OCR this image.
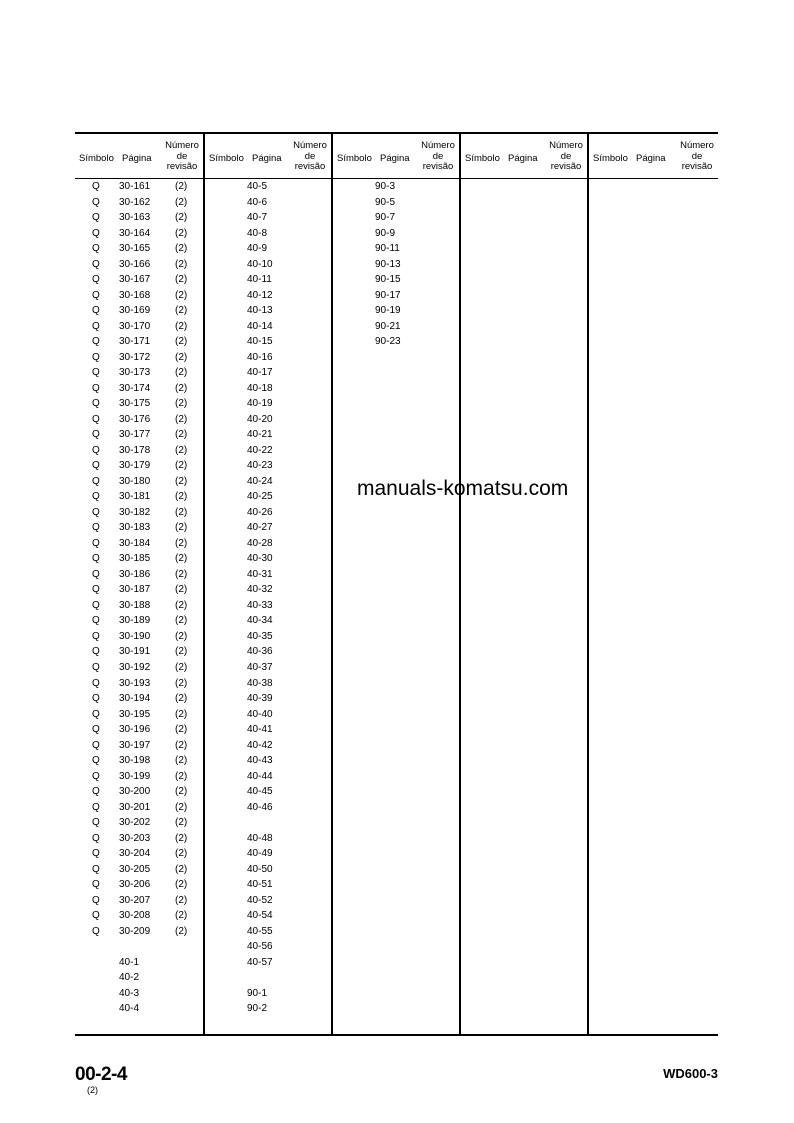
Símbolo Página
Número
de
revisão
Q 30-161 (2)
Q 30-162 (2)
Q 30-163 (2)
Q 30-164 (2)
Q 30-165 (2)
Q 30-166 (2)
Q 30-167 (2)
Q 30-168 (2)
Q 30-169 (2)
Q 30-170 (2)
Q 30-171 (2)
Q 30-172 (2)
Q 30-173 (2)
Q 30-174 (2)
Q 30-175 (2)
Q 30-176 (2)
Q 30-177 (2)
Q 30-178 (2)
Q 30-179 (2)
Q 30-180 (2)
Q 30-181 (2)
Q 30-182 (2)
Q 30-183 (2)
Q 30-184 (2)
Q 30-185 (2)
Q 30-186 (2)
Q 30-187 (2)
Q 30-188 (2)
Q 30-189 (2)
Q 30-190 (2)
Q 30-191 (2)
Q 30-192 (2)
Q 30-193 (2)
Q 30-194 (2)
Q 30-195 (2)
Q 30-196 (2)
Q 30-197 (2)
Q 30-198 (2)
Q 30-199 (2)
Q 30-200 (2)
Q 30-201 (2)
Q 30-202 (2)
Q 30-203 (2)
Q 30-204 (2)
Q 30-205 (2)
Q 30-206 (2)
Q 30-207 (2)
Q 30-208 (2)
Q 30-209 (2)
40-1
40-2
40-3
40-4
Símbolo Página
Número
de
revisão
40-5
40-6
40-7
40-8
40-9
40-10
40-11
40-12
40-13
40-14
40-15
40-16
40-17
40-18
40-19
40-20
40-21
40-22
40-23
40-24
40-25
40-26
40-27
40-28
40-30
40-31
40-32
40-33
40-34
40-35
40-36
40-37
40-38
40-39
40-40
40-41
40-42
40-43
40-44
40-45
40-46
40-48
40-49
40-50
40-51
40-52
40-54
40-55
40-56
40-57
90-1
90-2
Símbolo Página
Número
de
revisão
90-3
90-5
90-7
90-9
90-11
90-13
90-15
90-17
90-19
90-21
90-23
Símbolo Página
Número
de
revisão
Símbolo Página
Número
de
revisão
manuals-komatsu.com
00-2-4
(2)
WD600-3
